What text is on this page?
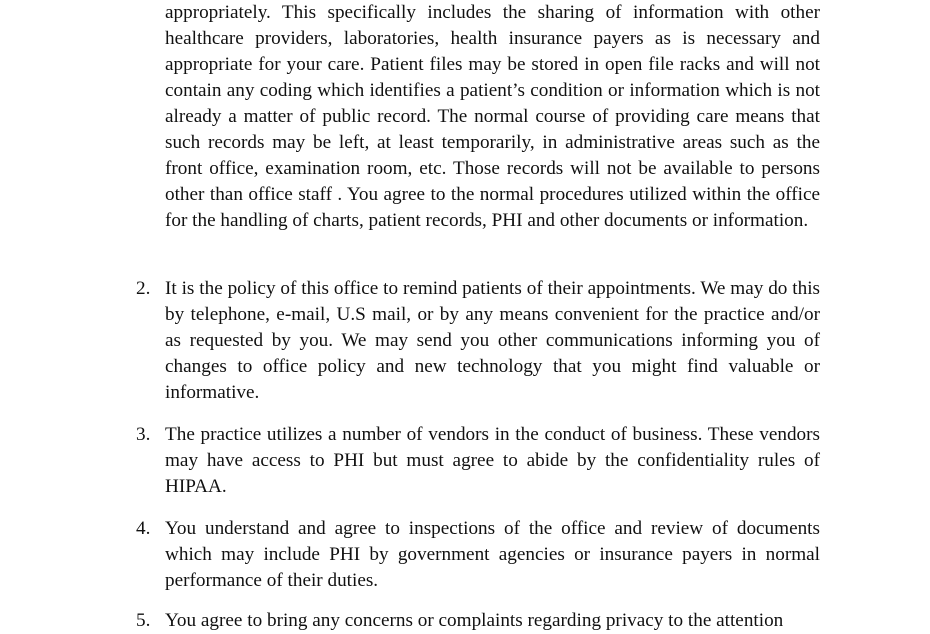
appropriately. This specifically includes the sharing of information with other healthcare providers, laboratories, health insurance payers as is necessary and appropriate for your care. Patient files may be stored in open file racks and will not contain any coding which identifies a patient’s condition or information which is not already a matter of public record. The normal course of providing care means that such records may be left, at least temporarily, in administrative areas such as the front office, examination room, etc. Those records will not be available to persons other than office staff . You agree to the normal procedures utilized within the office for the handling of charts, patient records, PHI and other documents or information.
2. It is the policy of this office to remind patients of their appointments. We may do this by telephone, e-mail, U.S mail, or by any means convenient for the practice and/or as requested by you. We may send you other communications informing you of changes to office policy and new technology that you might find valuable or informative.
3. The practice utilizes a number of vendors in the conduct of business. These vendors may have access to PHI but must agree to abide by the confidentiality rules of HIPAA.
4. You understand and agree to inspections of the office and review of documents which may include PHI by government agencies or insurance payers in normal performance of their duties.
5. You agree to bring any concerns or complaints regarding privacy to the attention
